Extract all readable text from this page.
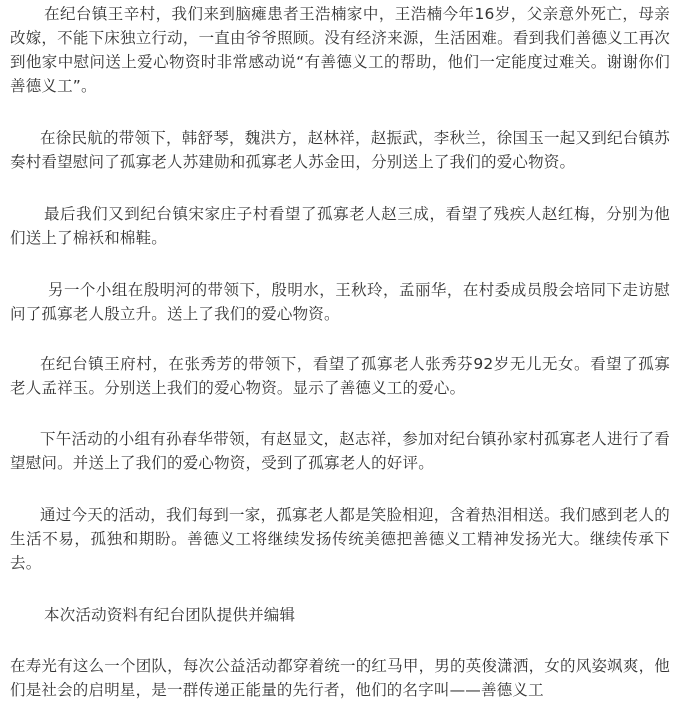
在纪台镇王辛村，我们来到脑瘫患者王浩楠家中，王浩楠今年16岁，父亲意外死亡，母亲改嫁，不能下床独立行动，一直由爷爷照顾。没有经济来源，生活困难。看到我们善德义工再次到他家中慰问送上爱心物资时非常感动说“有善德义工的帮助，他们一定能度过难关。谢谢你们善德义工”。

在徐民航的带领下，韩舒琴，魏洪方，赵林祥，赵振武，李秋兰，徐国玉一起又到纪台镇苏奏村看望慰问了孤寡老人苏建勋和孤寡老人苏金田，分别送上了我们的爱心物资。

最后我们又到纪台镇宋家庄子村看望了孤寡老人赵三成，看望了残疾人赵红梅，分别为他们送上了棉袄和棉鞋。

另一个小组在殷明河的带领下，殷明水，王秋玲，孟丽华，在村委成员殷会培同下走访慰问了孤寡老人殷立升。送上了我们的爱心物资。

在纪台镇王府村，在张秀芳的带领下，看望了孤寡老人张秀芬92岁无儿无女。看望了孤寡老人孟祥玉。分别送上我们的爱心物资。显示了善德义工的爱心。

下午活动的小组有孙春华带领，有赵显文，赵志祥，参加对纪台镇孙家村孤寡老人进行了看望慰问。并送上了我们的爱心物资，受到了孤寡老人的好评。

通过今天的活动，我们每到一家，孤寡老人都是笑脸相迎，含着热泪相送。我们感到老人的生活不易，孤独和期盼。善德义工将继续发扬传统美德把善德义工精神发扬光大。继续传承下去。

本次活动资料有纪台团队提供并编辑

在寿光有这么一个团队，每次公益活动都穿着统一的红马甲，男的英俊潇洒，女的风姿飒爽，他们是社会的启明星，是一群传递正能量的先行者，他们的名字叫——善德义工
